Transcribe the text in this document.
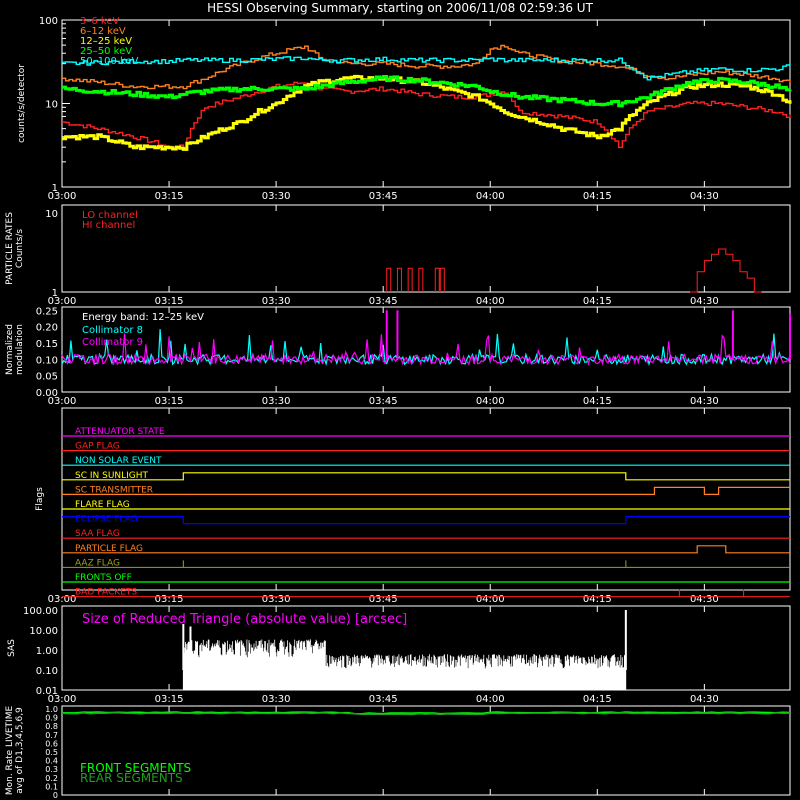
HESSI Observing Summary, starting on 2006/11/08 02:59:36 UT
03:00	03:15	03:30	03:45	04:00	04:15	04:30
1
10
100
counts/s/detector
3–6 keV
6–12 keV
12–25 keV
25–50 keV
50–100 keV
03:00	03:15	03:30	03:45	04:00	04:15	04:30
1
10
PARTICLE RATES Counts/s
LO channel
HI channel
03:00	03:15	03:30	03:45	04:00	04:15	04:30
0.00
0.05
0.10
0.15
0.20
0.25
Normalized modulation
Energy band: 12–25 keV
Collimator 8
Collimator 9
03:00	03:15	03:30	03:45	04:00	04:15	04:30
Flags
ATTENUATOR STATE
GAP FLAG
NON SOLAR EVENT
SC IN SUNLIGHT
SC TRANSMITTER
FLARE FLAG
ECLIPSE FLAG
SAA FLAG
PARTICLE FLAG
AAZ FLAG
FRONTS OFF
BAD PACKETS
03:00	03:15	03:30	03:45	04:00	04:15	04:30
0.01
0.10
1.00
10.00
100.00
SAS
Size of Reduced Triangle (absolute value) [arcsec]
0
0.1
0.2
0.3
0.4
0.5
0.6
0.7
0.8
0.9
1.0
Mon. Rate LIVETIME avg of D1,3,4,5,6,9	FRONT SEGMENTS
REAR SEGMENTS
